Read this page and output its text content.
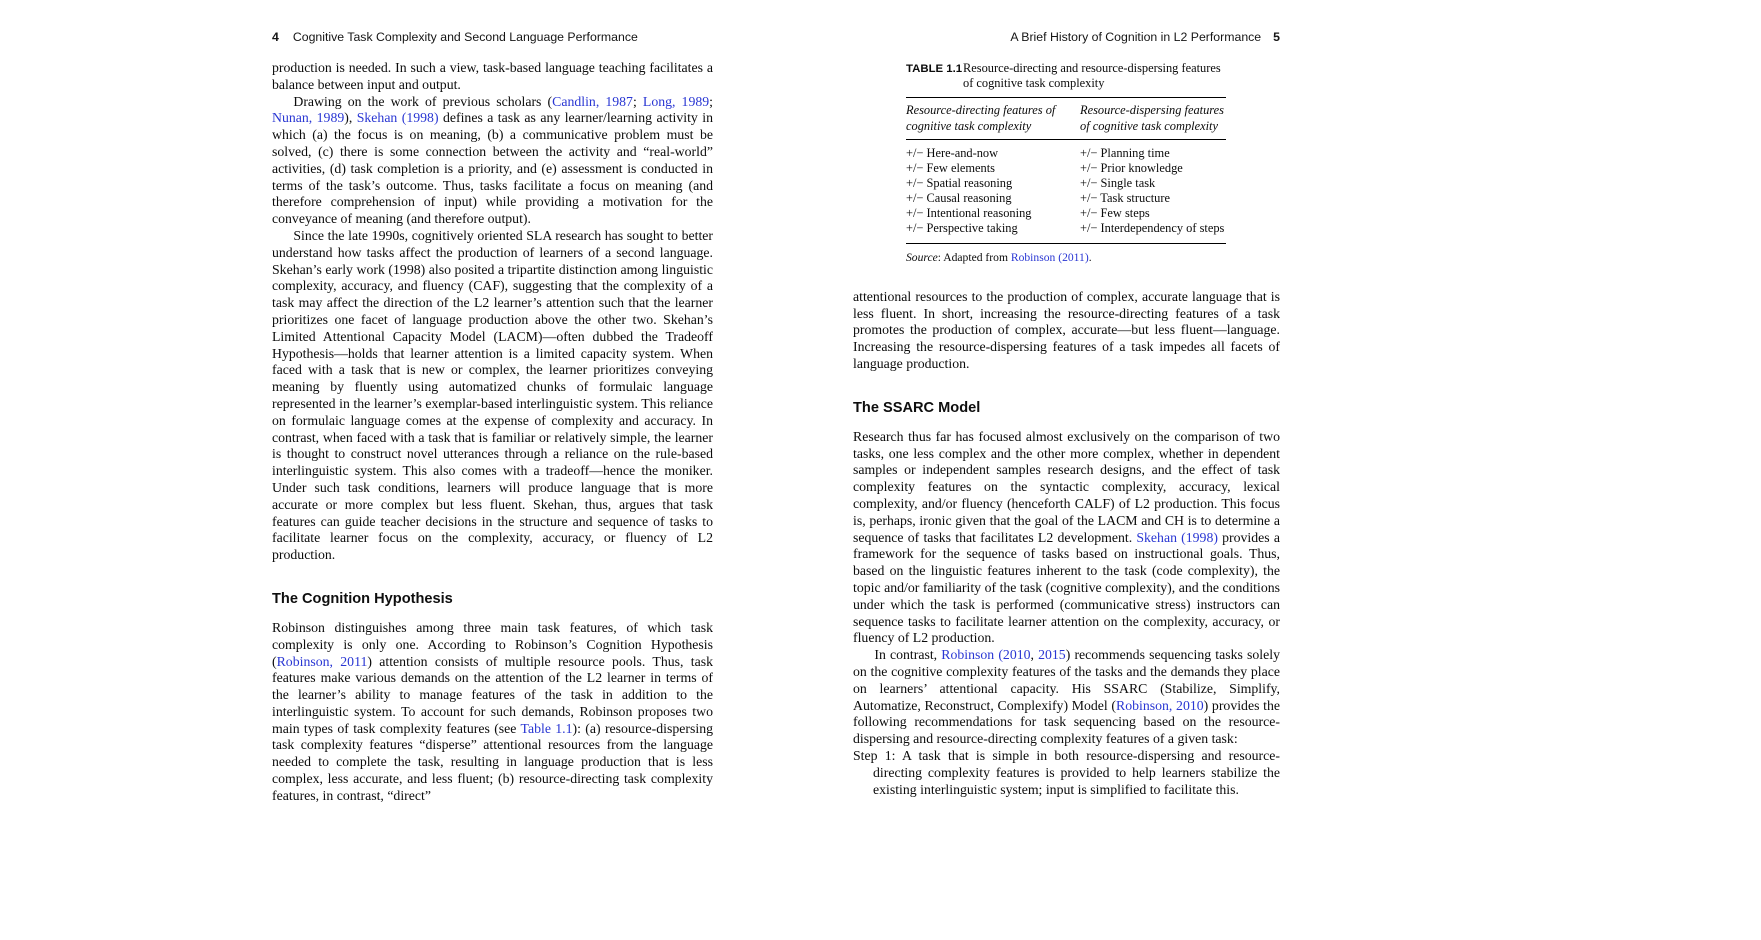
4 Cognitive Task Complexity and Second Language Performance

production is needed. In such a view, task-based language teaching facilitates a balance between input and output.

Drawing on the work of previous scholars (Candlin, 1987; Long, 1989; Nunan, 1989), Skehan (1998) defines a task as any learner/learning activity in which (a) the focus is on meaning, (b) a communicative problem must be solved, (c) there is some connection between the activity and “real-world” activities, (d) task completion is a priority, and (e) assessment is conducted in terms of the task’s outcome. Thus, tasks facilitate a focus on meaning (and therefore comprehension of input) while providing a motivation for the conveyance of meaning (and therefore output).

Since the late 1990s, cognitively oriented SLA research has sought to better understand how tasks affect the production of learners of a second language. Skehan’s early work (1998) also posited a tripartite distinction among linguistic complexity, accuracy, and fluency (CAF), suggesting that the complexity of a task may affect the direction of the L2 learner’s attention such that the learner prioritizes one facet of language production above the other two. Skehan’s Limited Attentional Capacity Model (LACM)—often dubbed the Tradeoff Hypothesis—holds that learner attention is a limited capacity system. When faced with a task that is new or complex, the learner prioritizes conveying meaning by fluently using automatized chunks of formulaic language represented in the learner’s exemplar-based interlinguistic system. This reliance on formulaic language comes at the expense of complexity and accuracy. In contrast, when faced with a task that is familiar or relatively simple, the learner is thought to construct novel utterances through a reliance on the rule-based interlinguistic system. This also comes with a tradeoff—hence the moniker. Under such task conditions, learners will produce language that is more accurate or more complex but less fluent. Skehan, thus, argues that task features can guide teacher decisions in the structure and sequence of tasks to facilitate learner focus on the complexity, accuracy, or fluency of L2 production.

The Cognition Hypothesis

Robinson distinguishes among three main task features, of which task complexity is only one. According to Robinson’s Cognition Hypothesis (Robinson, 2011) attention consists of multiple resource pools. Thus, task features make various demands on the attention of the L2 learner in terms of the learner’s ability to manage features of the task in addition to the interlinguistic system. To account for such demands, Robinson proposes two main types of task complexity features (see Table 1.1): (a) resource-dispersing task complexity features “disperse” attentional resources from the language needed to complete the task, resulting in language production that is less complex, less accurate, and less fluent; (b) resource-directing task complexity features, in contrast, “direct”

A Brief History of Cognition in L2 Performance 5
TABLE 1.1 Resource-directing and resource-dispersing features of cognitive task complexity
Resource-directing features of cognitive task complexity
Resource-dispersing features of cognitive task complexity
+/− Here-and-now	+/− Planning time
+/− Few elements	+/− Prior knowledge
+/− Spatial reasoning	+/− Single task
+/− Causal reasoning	+/− Task structure
+/− Intentional reasoning	+/− Few steps
+/− Perspective taking	+/− Interdependency of steps
Source: Adapted from Robinson (2011).

attentional resources to the production of complex, accurate language that is less fluent. In short, increasing the resource-directing features of a task promotes the production of complex, accurate—but less fluent—language. Increasing the resource-dispersing features of a task impedes all facets of language production.

The SSARC Model

Research thus far has focused almost exclusively on the comparison of two tasks, one less complex and the other more complex, whether in dependent samples or independent samples research designs, and the effect of task complexity features on the syntactic complexity, accuracy, lexical complexity, and/or fluency (henceforth CALF) of L2 production. This focus is, perhaps, ironic given that the goal of the LACM and CH is to determine a sequence of tasks that facilitates L2 development. Skehan (1998) provides a framework for the sequence of tasks based on instructional goals. Thus, based on the linguistic features inherent to the task (code complexity), the topic and/or familiarity of the task (cognitive complexity), and the conditions under which the task is performed (communicative stress) instructors can sequence tasks to facilitate learner attention on the complexity, accuracy, or fluency of L2 production.

In contrast, Robinson (2010, 2015) recommends sequencing tasks solely on the cognitive complexity features of the tasks and the demands they place on learners’ attentional capacity. His SSARC (Stabilize, Simplify, Automatize, Reconstruct, Complexify) Model (Robinson, 2010) provides the following recommendations for task sequencing based on the resource-dispersing and resource-directing complexity features of a given task:

Step 1: A task that is simple in both resource-dispersing and resource-directing complexity features is provided to help learners stabilize the existing interlinguistic system; input is simplified to facilitate this.
